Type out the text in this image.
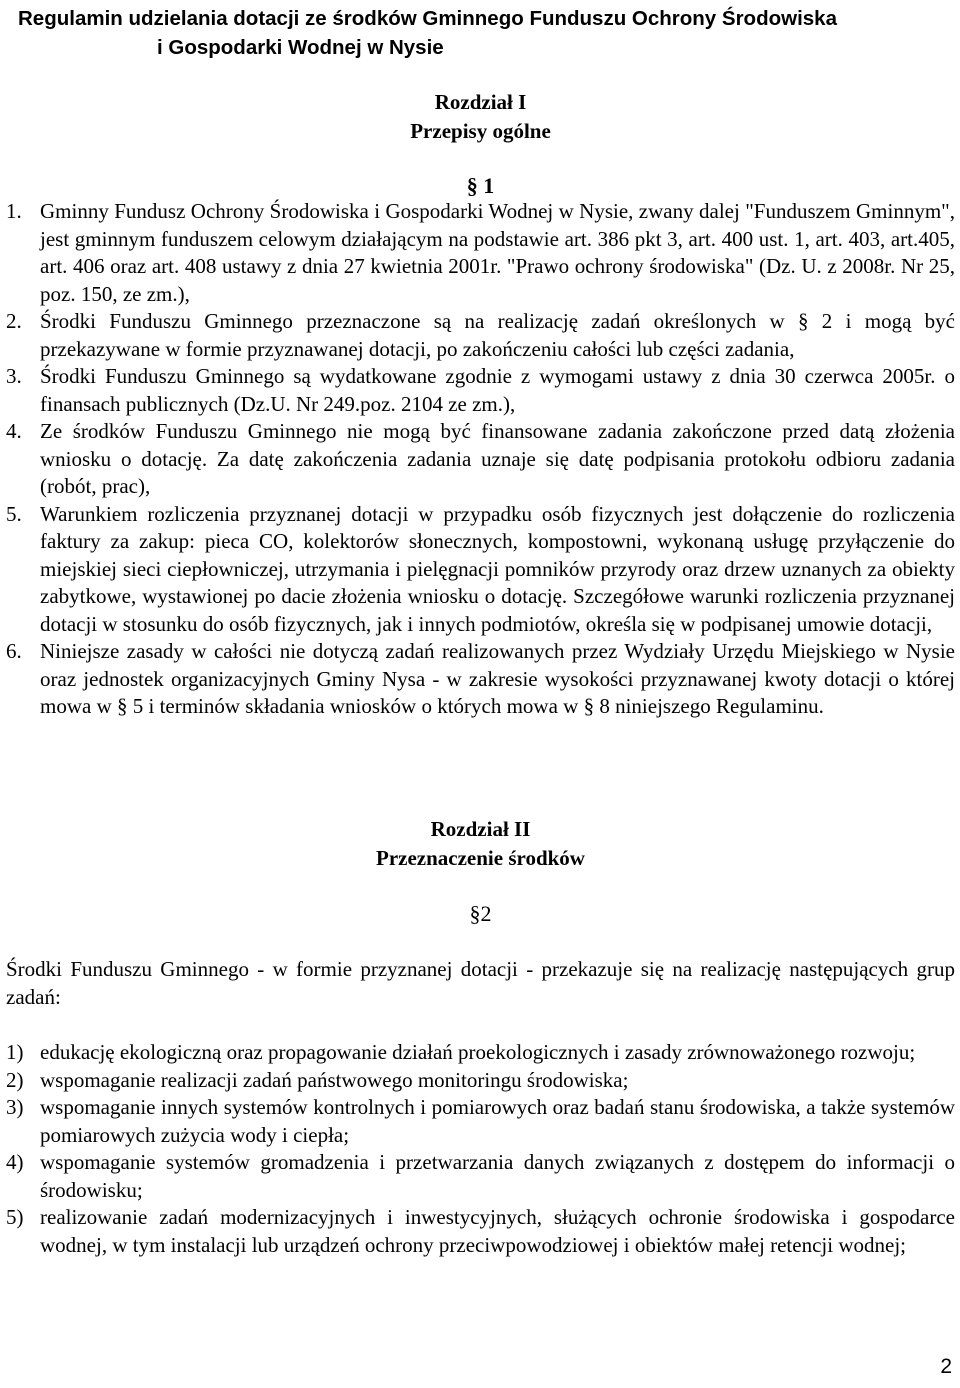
Regulamin udzielania dotacji ze środków Gminnego Funduszu Ochrony Środowiska
i Gospodarki Wodnej w Nysie
Rozdział I
Przepisy ogólne
§ 1
1. Gminny Fundusz Ochrony Środowiska i Gospodarki Wodnej w Nysie, zwany dalej "Funduszem Gminnym", jest gminnym funduszem celowym działającym na podstawie art. 386 pkt 3, art. 400 ust. 1, art. 403, art.405, art. 406 oraz art. 408 ustawy z dnia 27 kwietnia 2001r. "Prawo ochrony środowiska" (Dz. U. z 2008r. Nr 25, poz. 150, ze zm.),
2. Środki Funduszu Gminnego przeznaczone są na realizację zadań określonych w § 2 i mogą być przekazywane w formie przyznawanej dotacji, po zakończeniu całości lub części zadania,
3. Środki Funduszu Gminnego są wydatkowane zgodnie z wymogami ustawy z dnia 30 czerwca 2005r. o finansach publicznych (Dz.U. Nr 249.poz. 2104 ze zm.),
4. Ze środków Funduszu Gminnego nie mogą być finansowane zadania zakończone przed datą złożenia wniosku o dotację. Za datę zakończenia zadania uznaje się datę podpisania protokołu odbioru zadania (robót, prac),
5. Warunkiem rozliczenia przyznanej dotacji w przypadku osób fizycznych jest dołączenie do rozliczenia faktury za zakup: pieca CO, kolektorów słonecznych, kompostowni, wykonaną usługę przyłączenie do miejskiej sieci ciepłowniczej, utrzymania i pielęgnacji pomników przyrody oraz drzew uznanych za obiekty zabytkowe, wystawionej po dacie złożenia wniosku o dotację. Szczegółowe warunki rozliczenia przyznanej dotacji w stosunku do osób fizycznych, jak i innych podmiotów, określa się w podpisanej umowie dotacji,
6. Niniejsze zasady w całości nie dotyczą zadań realizowanych przez Wydziały Urzędu Miejskiego w Nysie oraz jednostek organizacyjnych Gminy Nysa - w zakresie wysokości przyznawanej kwoty dotacji o której mowa w § 5 i terminów składania wniosków o których mowa w § 8 niniejszego Regulaminu.
Rozdział II
Przeznaczenie środków
§2

Środki Funduszu Gminnego - w formie przyznanej dotacji - przekazuje się na realizację następujących grup zadań:

1) edukację ekologiczną oraz propagowanie działań proekologicznych i zasady zrównoważonego rozwoju;
2) wspomaganie realizacji zadań państwowego monitoringu środowiska;
3) wspomaganie innych systemów kontrolnych i pomiarowych oraz badań stanu środowiska, a także systemów pomiarowych zużycia wody i ciepła;
4) wspomaganie systemów gromadzenia i przetwarzania danych związanych z dostępem do informacji o środowisku;
5) realizowanie zadań modernizacyjnych i inwestycyjnych, służących ochronie środowiska i gospodarce wodnej, w tym instalacji lub urządzeń ochrony przeciwpowodziowej i obiektów małej retencji wodnej;
2
